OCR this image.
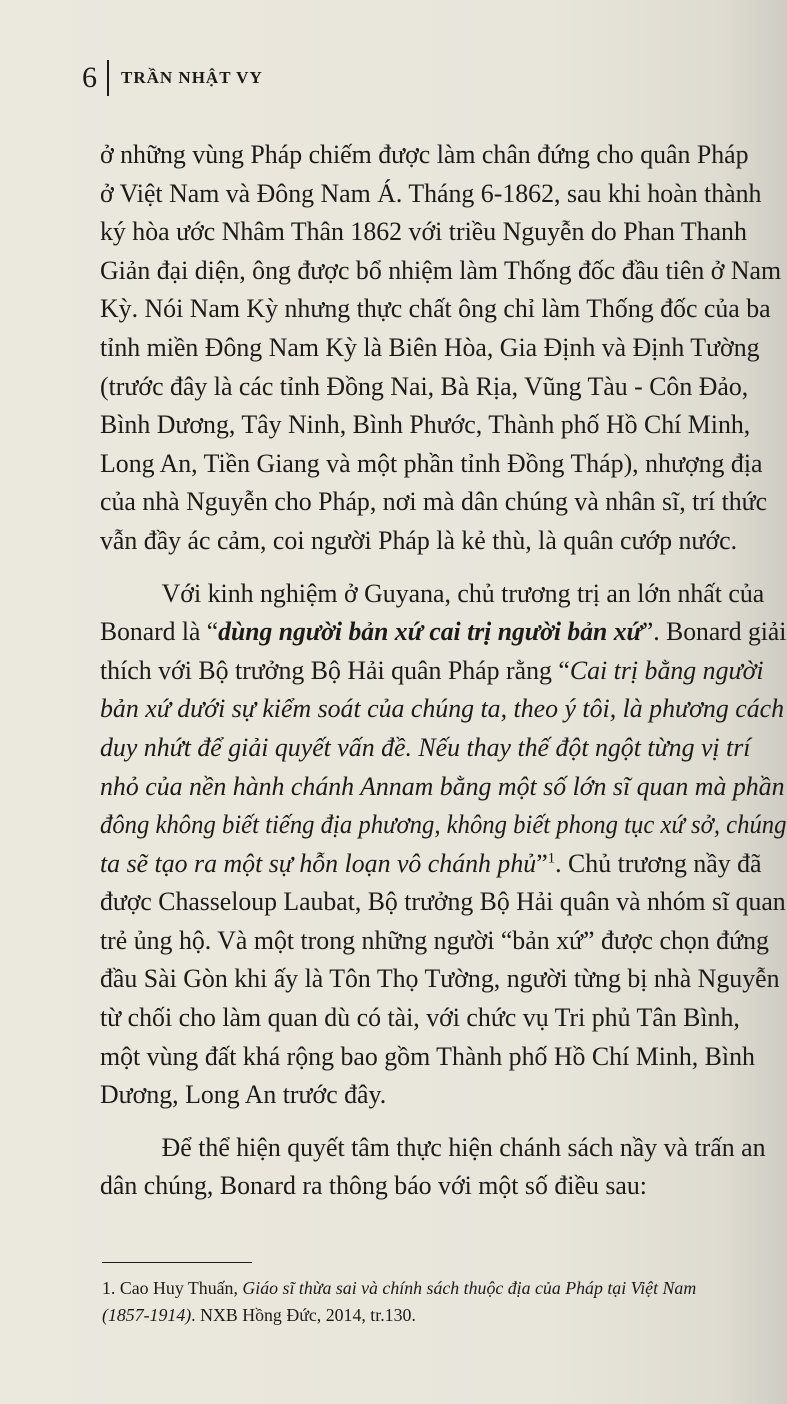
6 TRẦN NHẬT VY
ở những vùng Pháp chiếm được làm chân đứng cho quân Pháp
ở Việt Nam và Đông Nam Á. Tháng 6-1862, sau khi hoàn thành
ký hòa ước Nhâm Thân 1862 với triều Nguyễn do Phan Thanh
Giản đại diện, ông được bổ nhiệm làm Thống đốc đầu tiên ở Nam
Kỳ. Nói Nam Kỳ nhưng thực chất ông chỉ làm Thống đốc của ba
tỉnh miền Đông Nam Kỳ là Biên Hòa, Gia Định và Định Tường
(trước đây là các tỉnh Đồng Nai, Bà Rịa, Vũng Tàu - Côn Đảo,
Bình Dương, Tây Ninh, Bình Phước, Thành phố Hồ Chí Minh,
Long An, Tiền Giang và một phần tỉnh Đồng Tháp), nhượng địa
của nhà Nguyễn cho Pháp, nơi mà dân chúng và nhân sĩ, trí thức
vẫn đầy ác cảm, coi người Pháp là kẻ thù, là quân cướp nước.
Với kinh nghiệm ở Guyana, chủ trương trị an lớn nhất của
Bonard là “dùng người bản xứ cai trị người bản xứ”. Bonard giải
thích với Bộ trưởng Bộ Hải quân Pháp rằng “Cai trị bằng người
bản xứ dưới sự kiểm soát của chúng ta, theo ý tôi, là phương cách
duy nhứt để giải quyết vấn đề. Nếu thay thế đột ngột từng vị trí
nhỏ của nền hành chánh Annam bằng một số lớn sĩ quan mà phần
đông không biết tiếng địa phương, không biết phong tục xứ sở, chúng
ta sẽ tạo ra một sự hỗn loạn vô chánh phủ”$^1$. Chủ trương nầy đã
được Chasseloup Laubat, Bộ trưởng Bộ Hải quân và nhóm sĩ quan
trẻ ủng hộ. Và một trong những người “bản xứ” được chọn đứng
đầu Sài Gòn khi ấy là Tôn Thọ Tường, người từng bị nhà Nguyễn
từ chối cho làm quan dù có tài, với chức vụ Tri phủ Tân Bình,
một vùng đất khá rộng bao gồm Thành phố Hồ Chí Minh, Bình
Dương, Long An trước đây.
Để thể hiện quyết tâm thực hiện chánh sách nầy và trấn an
dân chúng, Bonard ra thông báo với một số điều sau:
1. Cao Huy Thuấn, Giáo sĩ thừa sai và chính sách thuộc địa của Pháp tại Việt Nam
(1857-1914). NXB Hồng Đức, 2014, tr.130.
